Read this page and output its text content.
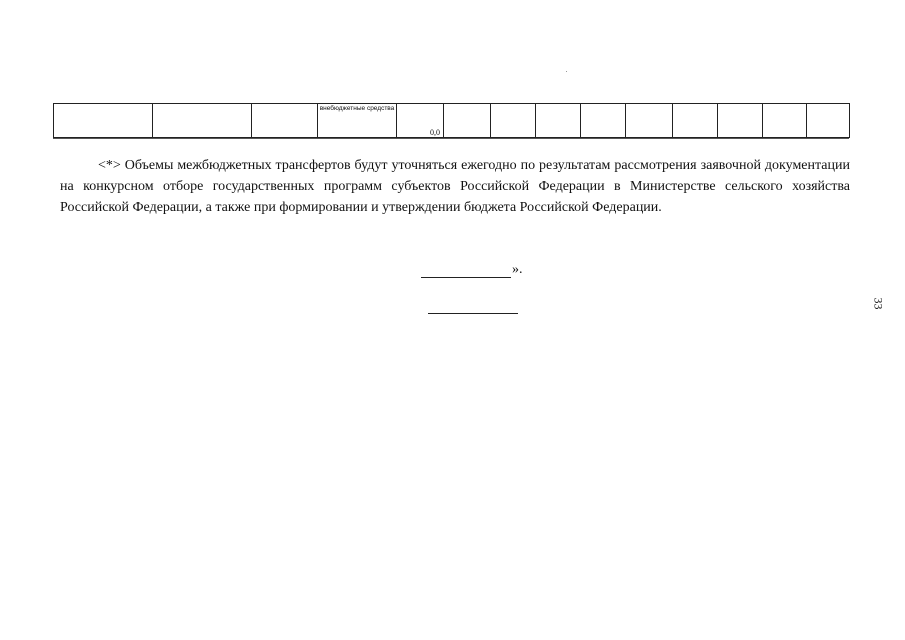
			внебюджетные средства	0,0									

<*> Объемы межбюджетных трансфертов будут уточняться ежегодно по результатам рассмотрения заявочной документации на конкурсном отборе государственных программ субъектов Российской Федерации в Министерстве сельского хозяйства Российской Федерации, а также при формировании и утверждении бюджета Российской Федерации.

».
33
